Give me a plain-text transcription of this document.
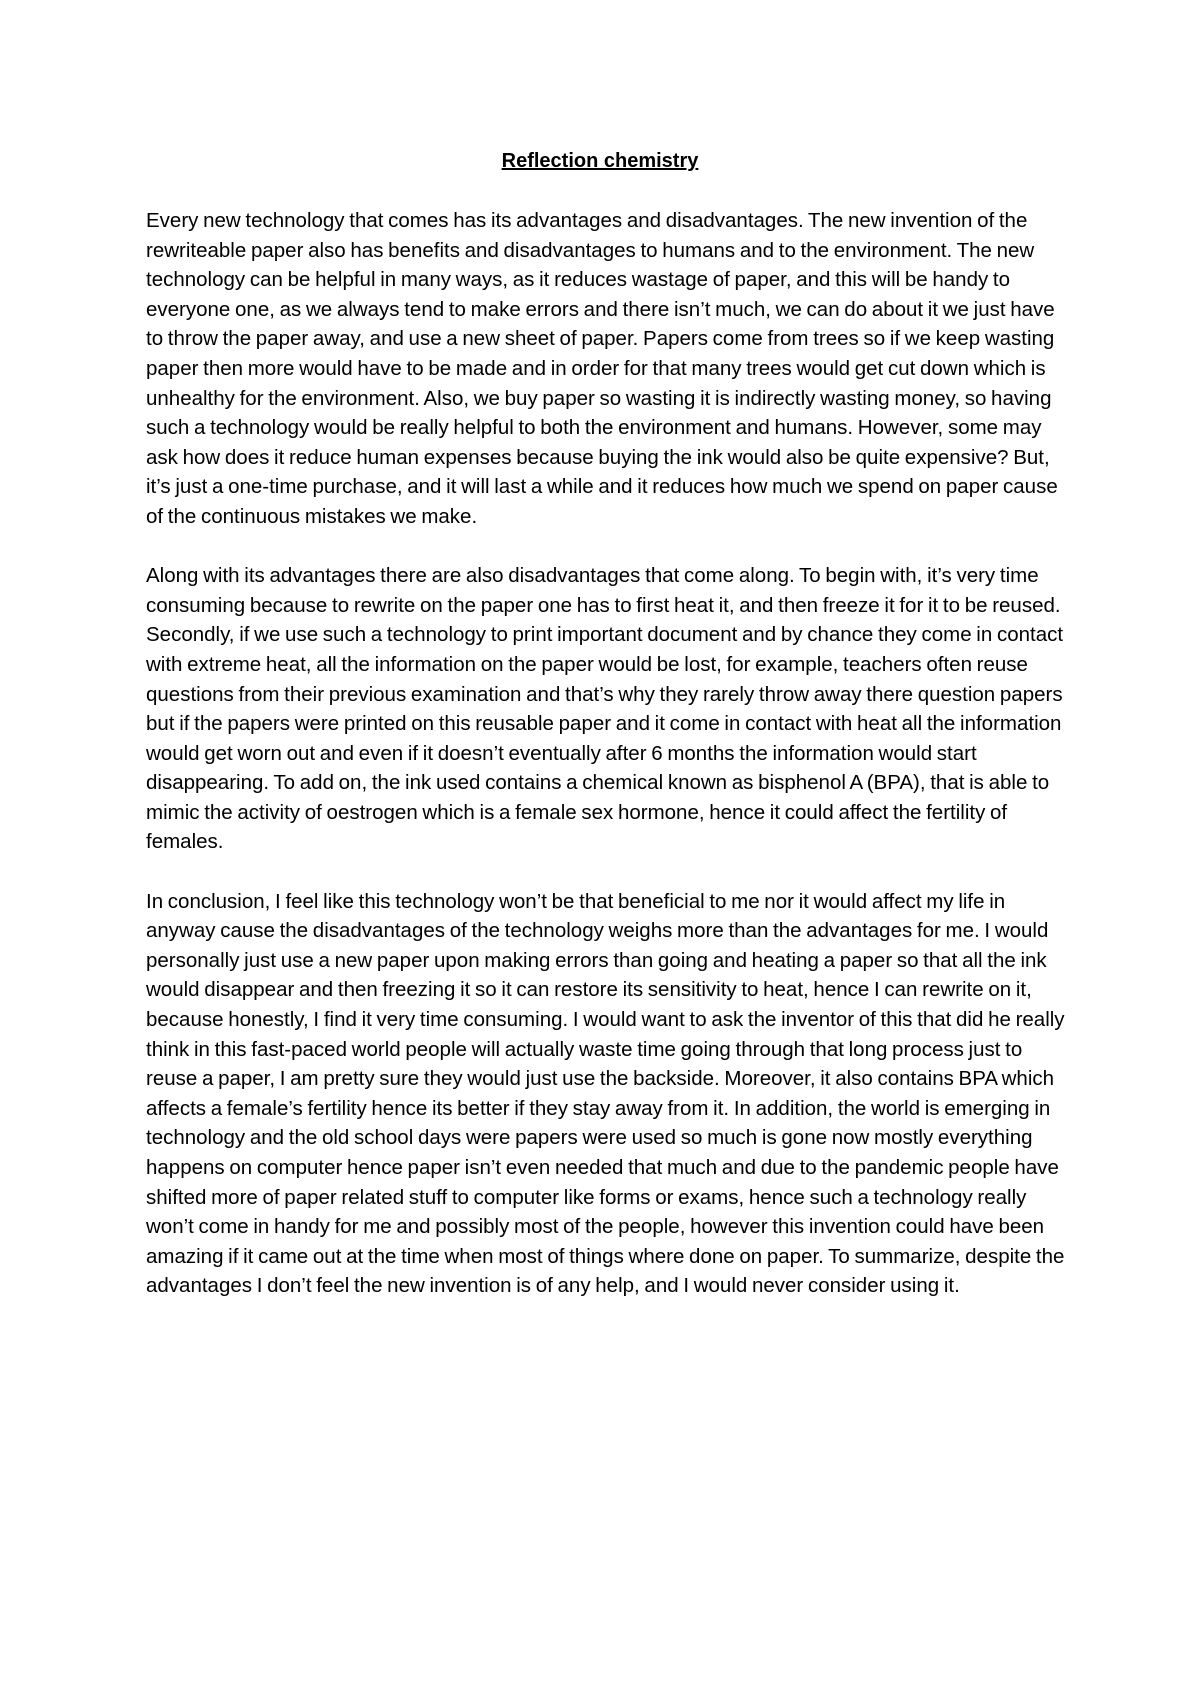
Reflection chemistry

Every new technology that comes has its advantages and disadvantages. The new invention of the rewriteable paper also has benefits and disadvantages to humans and to the environment. The new technology can be helpful in many ways, as it reduces wastage of paper, and this will be handy to everyone one, as we always tend to make errors and there isn’t much, we can do about it we just have to throw the paper away, and use a new sheet of paper. Papers come from trees so if we keep wasting paper then more would have to be made and in order for that many trees would get cut down which is unhealthy for the environment. Also, we buy paper so wasting it is indirectly wasting money, so having such a technology would be really helpful to both the environment and humans. However, some may ask how does it reduce human expenses because buying the ink would also be quite expensive? But, it’s just a one-time purchase, and it will last a while and it reduces how much we spend on paper cause of the continuous mistakes we make.

Along with its advantages there are also disadvantages that come along. To begin with, it’s very time consuming because to rewrite on the paper one has to first heat it, and then freeze it for it to be reused. Secondly, if we use such a technology to print important document and by chance they come in contact with extreme heat, all the information on the paper would be lost, for example, teachers often reuse questions from their previous examination and that’s why they rarely throw away there question papers but if the papers were printed on this reusable paper and it come in contact with heat all the information would get worn out and even if it doesn’t eventually after 6 months the information would start disappearing. To add on, the ink used contains a chemical known as bisphenol A (BPA), that is able to mimic the activity of oestrogen which is a female sex hormone, hence it could affect the fertility of females.

In conclusion, I feel like this technology won’t be that beneficial to me nor it would affect my life in anyway cause the disadvantages of the technology weighs more than the advantages for me. I would personally just use a new paper upon making errors than going and heating a paper so that all the ink would disappear and then freezing it so it can restore its sensitivity to heat, hence I can rewrite on it, because honestly, I find it very time consuming. I would want to ask the inventor of this that did he really think in this fast-paced world people will actually waste time going through that long process just to reuse a paper, I am pretty sure they would just use the backside. Moreover, it also contains BPA which affects a female’s fertility hence its better if they stay away from it. In addition, the world is emerging in technology and the old school days were papers were used so much is gone now mostly everything happens on computer hence paper isn’t even needed that much and due to the pandemic people have shifted more of paper related stuff to computer like forms or exams, hence such a technology really won’t come in handy for me and possibly most of the people, however this invention could have been amazing if it came out at the time when most of things where done on paper. To summarize, despite the advantages I don’t feel the new invention is of any help, and I would never consider using it.
